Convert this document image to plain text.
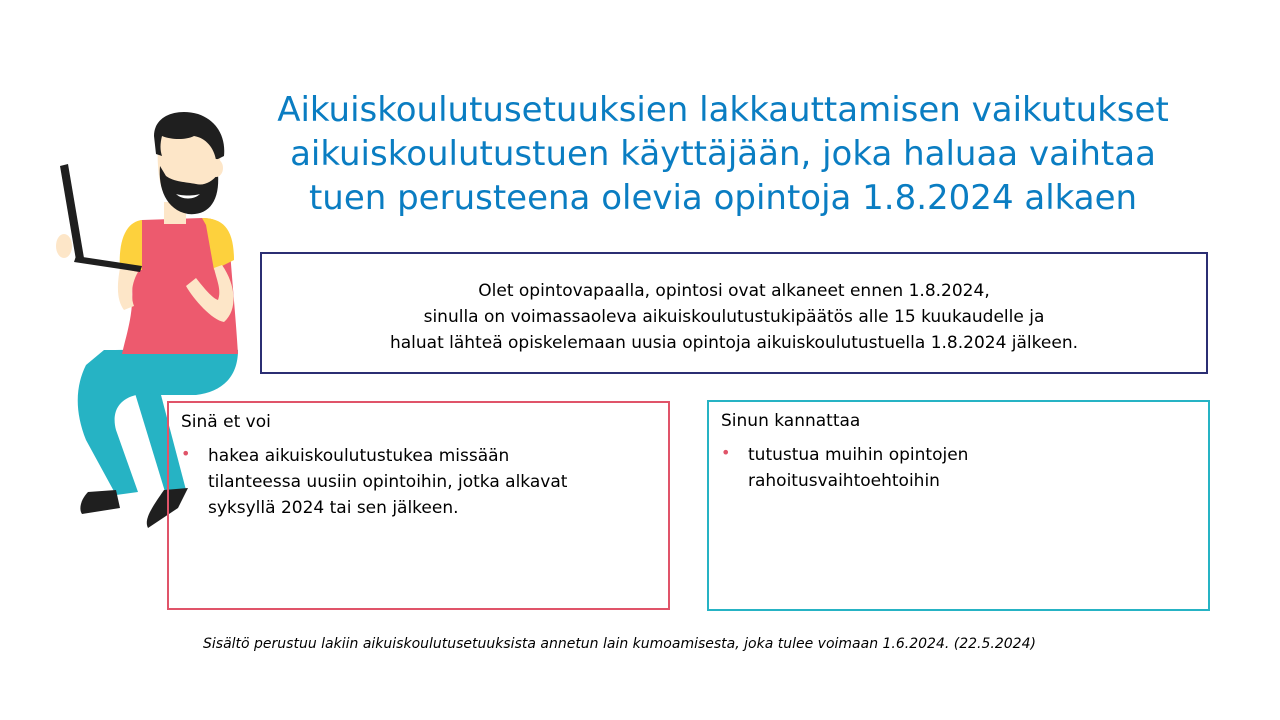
Aikuiskoulutusetuuksien lakkauttamisen vaikutukset
aikuiskoulutustuen käyttäjään, joka haluaa vaihtaa
tuen perusteena olevia opintoja 1.8.2024 alkaen
Olet opintovapaalla, opintosi ovat alkaneet ennen 1.8.2024,
sinulla on voimassaoleva aikuiskoulutustukipäätös alle 15 kuukaudelle ja
haluat lähteä opiskelemaan uusia opintoja aikuiskoulutustuella 1.8.2024 jälkeen.
Sinä et voi
• hakea aikuiskoulutustukea missään
tilanteessa uusiin opintoihin, jotka alkavat
syksyllä 2024 tai sen jälkeen.
Sinun kannattaa
• tutustua muihin opintojen
rahoitusvaihtoehtoihin
Sisältö perustuu lakiin aikuiskoulutusetuuksista annetun lain kumoamisesta, joka tulee voimaan 1.6.2024. (22.5.2024)
